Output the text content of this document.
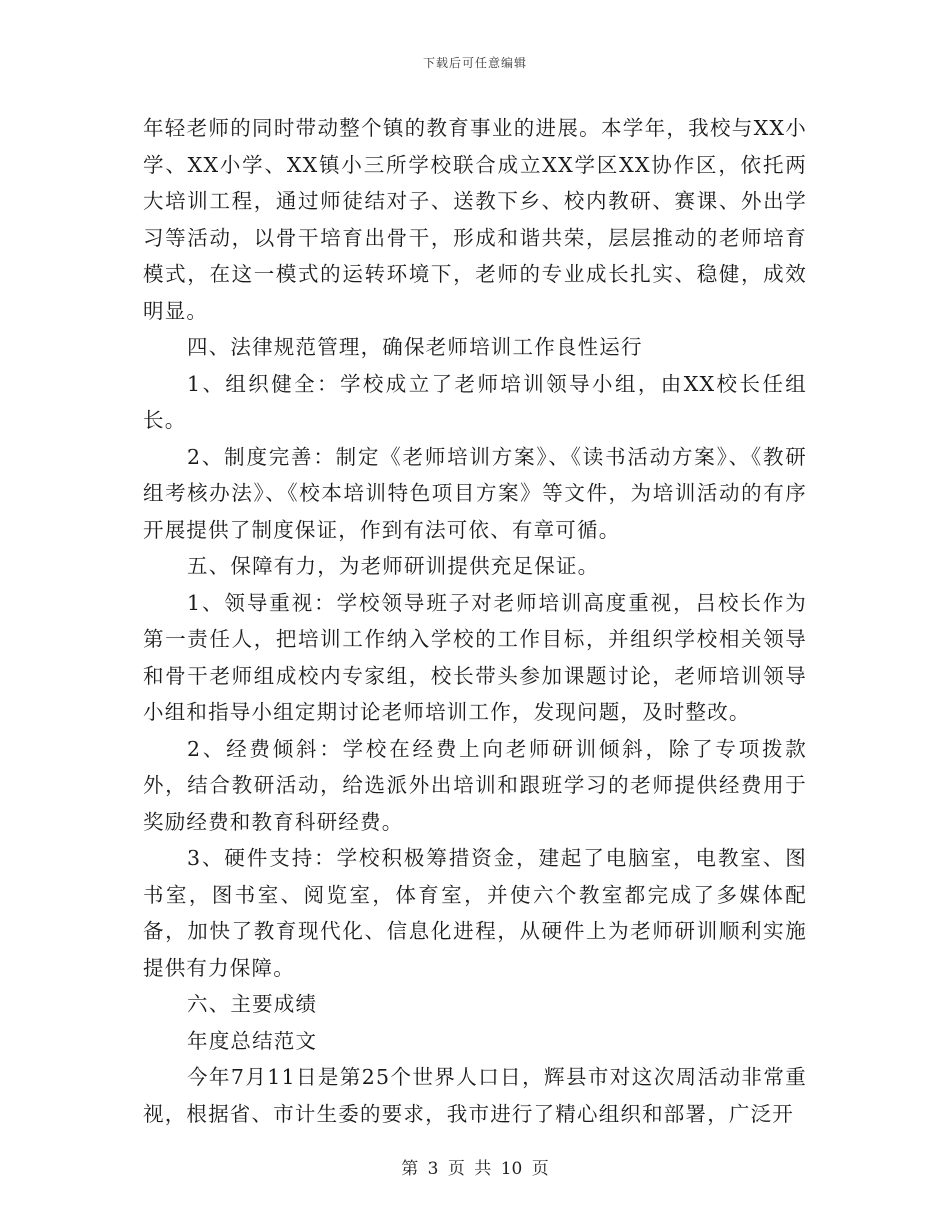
下载后可任意编辑

年轻老师的同时带动整个镇的教育事业的进展。本学年，我校与XX小学、XX小学、XX镇小三所学校联合成立XX学区XX协作区，依托两大培训工程，通过师徒结对子、送教下乡、校内教研、赛课、外出学习等活动，以骨干培育出骨干，形成和谐共荣，层层推动的老师培育模式，在这一模式的运转环境下，老师的专业成长扎实、稳健，成效明显。

四、法律规范管理，确保老师培训工作良性运行

1、组织健全：学校成立了老师培训领导小组，由XX校长任组长。

2、制度完善：制定《老师培训方案》、《读书活动方案》、《教研组考核办法》、《校本培训特色项目方案》等文件，为培训活动的有序开展提供了制度保证，作到有法可依、有章可循。

五、保障有力，为老师研训提供充足保证。

1、领导重视：学校领导班子对老师培训高度重视，吕校长作为第一责任人，把培训工作纳入学校的工作目标，并组织学校相关领导和骨干老师组成校内专家组，校长带头参加课题讨论，老师培训领导小组和指导小组定期讨论老师培训工作，发现问题，及时整改。

2、经费倾斜：学校在经费上向老师研训倾斜，除了专项拨款外，结合教研活动，给选派外出培训和跟班学习的老师提供经费用于奖励经费和教育科研经费。

3、硬件支持：学校积极筹措资金，建起了电脑室，电教室、图书室，图书室、阅览室，体育室，并使六个教室都完成了多媒体配备，加快了教育现代化、信息化进程，从硬件上为老师研训顺利实施提供有力保障。

六、主要成绩

年度总结范文

今年7月11日是第25个世界人口日，辉县市对这次周活动非常重视，根据省、市计生委的要求，我市进行了精心组织和部署，广泛开

第 3 页 共 10 页
